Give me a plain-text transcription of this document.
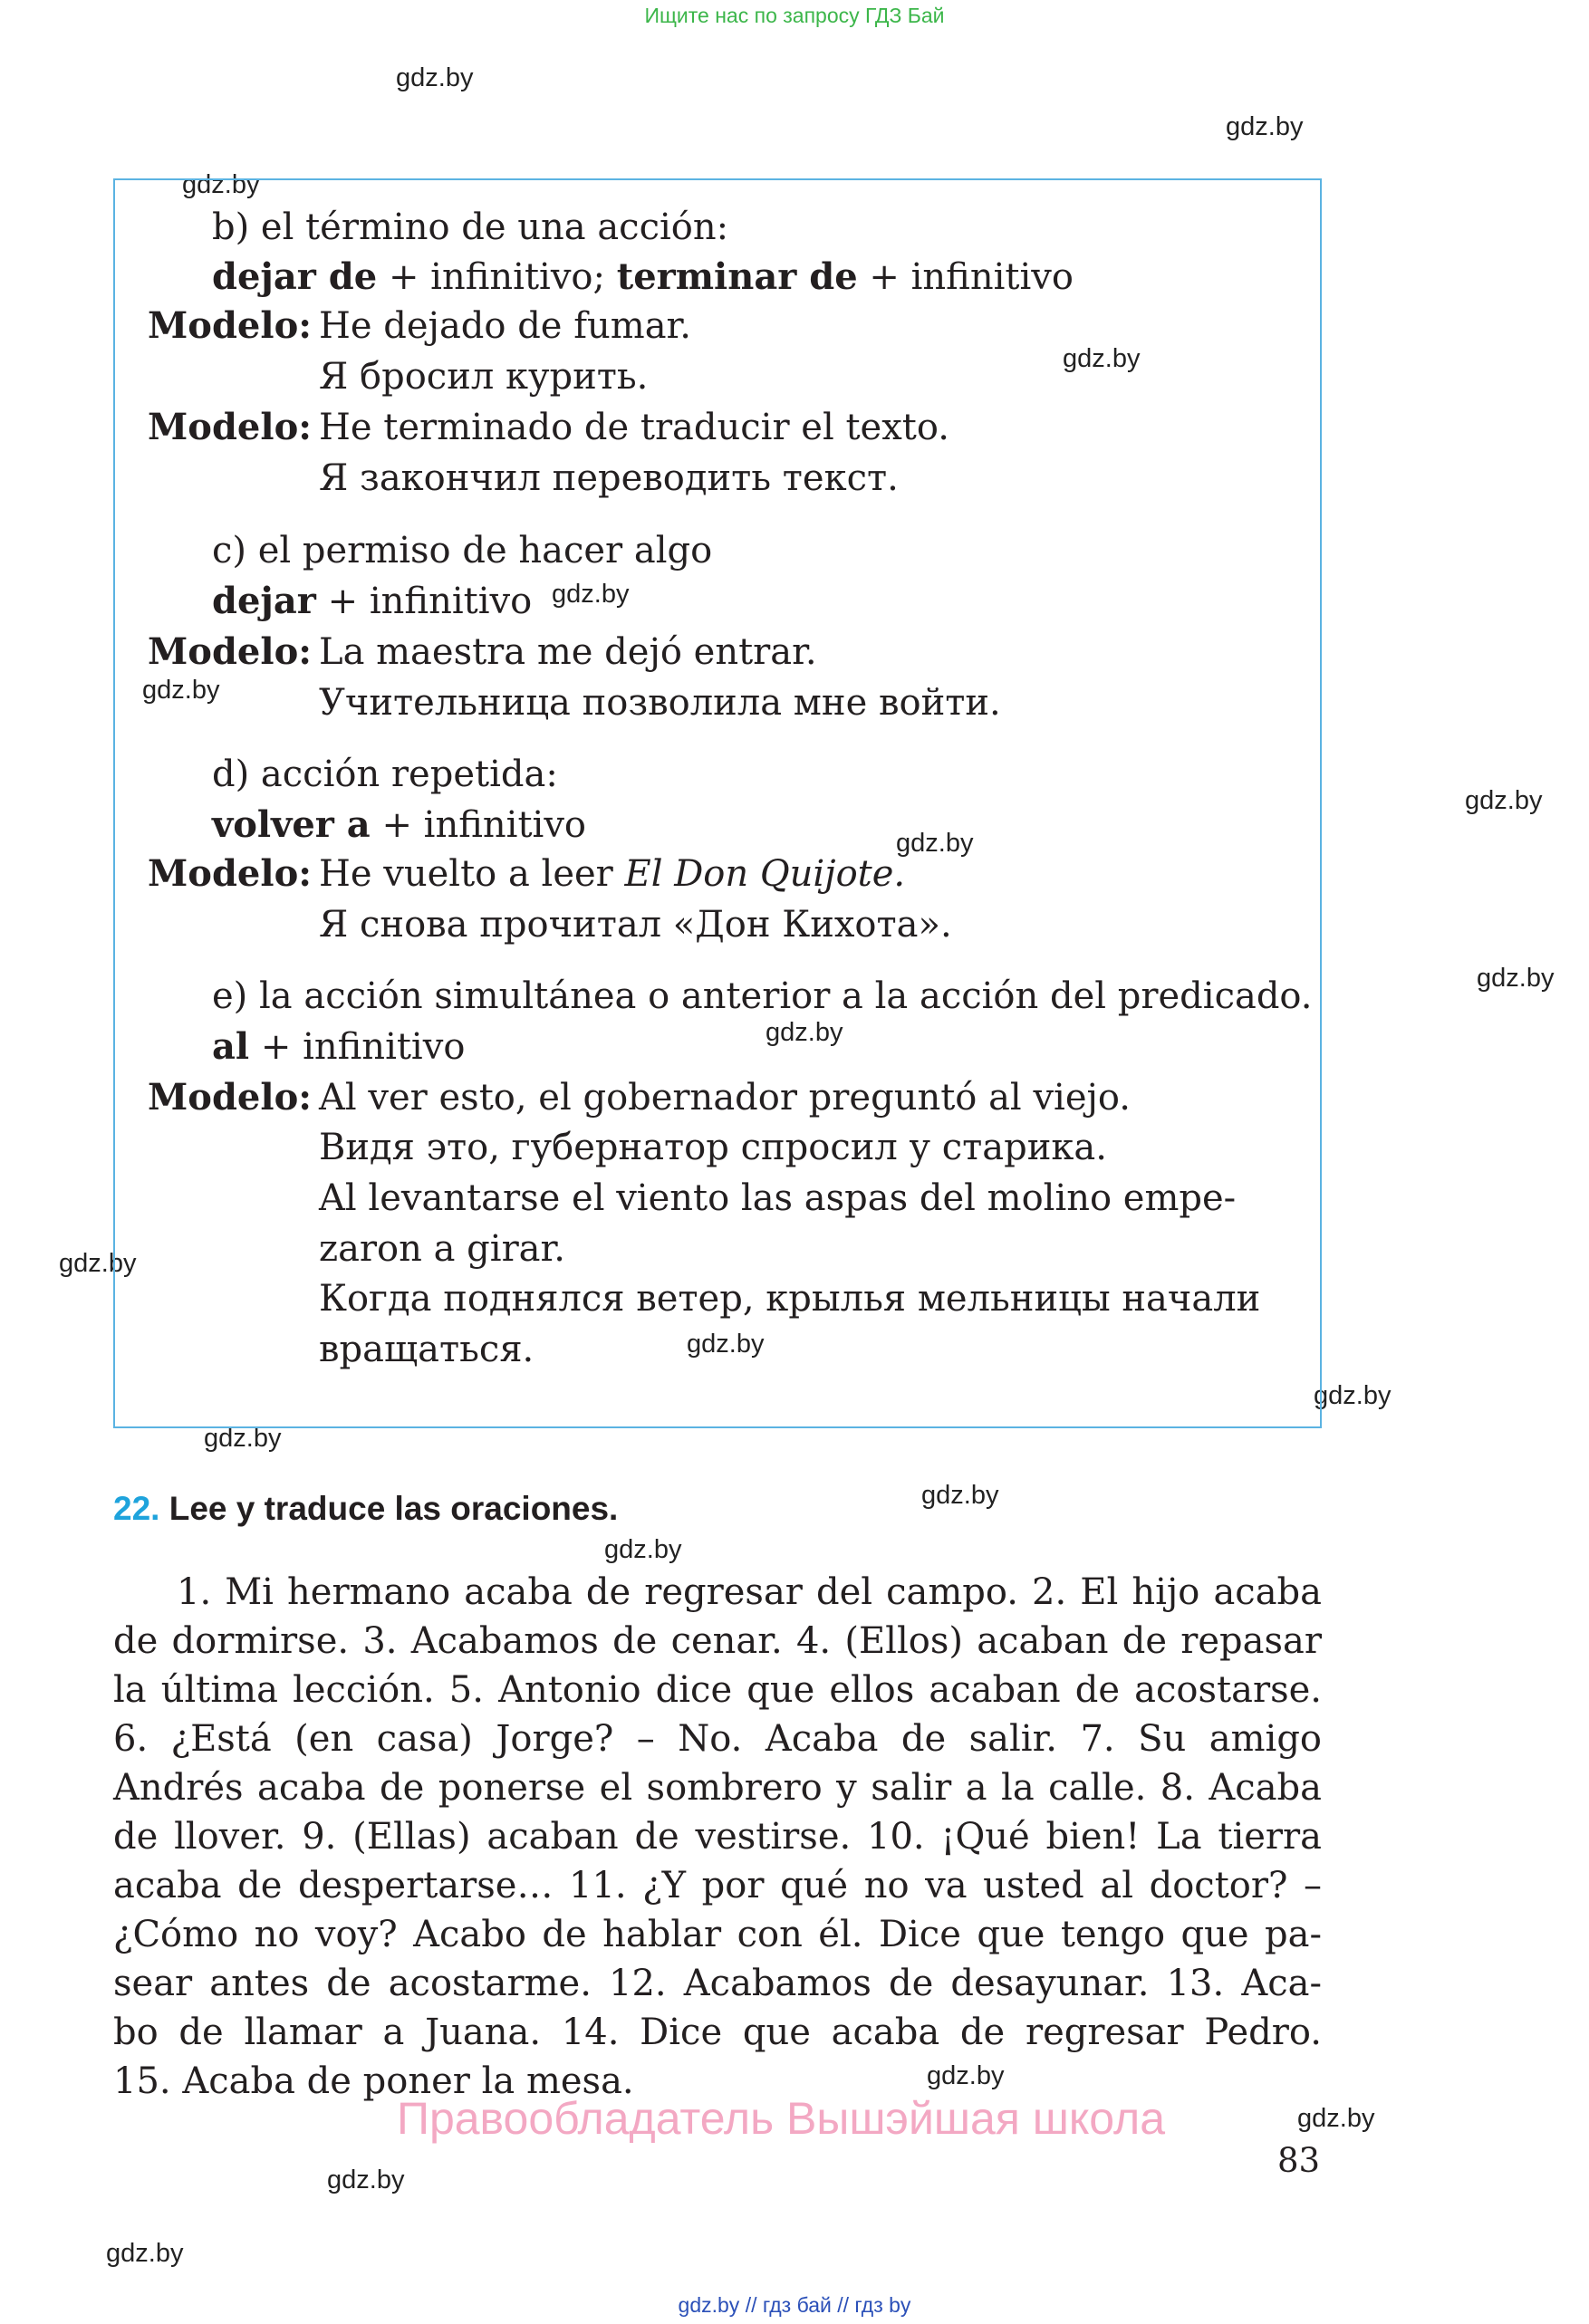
Ищите нас по запросу ГДЗ Бай
gdz.by // гдз бай // гдз by
gdz.by
gdz.by
gdz.by
gdz.by
gdz.by
gdz.by
gdz.by
gdz.by
gdz.by
gdz.by
gdz.by
gdz.by
gdz.by
gdz.by
gdz.by
gdz.by
gdz.by
gdz.by
gdz.by
gdz.by
b) el término de una acción:
dejar de + infinitivo; terminar de + infinitivo
Modelo: He dejado de fumar.
Я бросил курить.
Modelo: He terminado de traducir el texto.
Я закончил переводить текст.
c) el permiso de hacer algo
dejar + infinitivo
Modelo: La maestra me dejó entrar.
Учительница позволила мне войти.
d) acción repetida:
volver a + infinitivo
Modelo: He vuelto a leer El Don Quijote.
Я снова прочитал «Дон Кихота».
e) la acción simultánea o anterior a la acción del predicado.
al + infinitivo
Modelo: Al ver esto, el gobernador preguntó al viejo.
Видя это, губернатор спросил у старика.
Al levantarse el viento las aspas del molino empe-
zaron a girar.
Когда поднялся ветер, крылья мельницы начали
вращаться.
22. Lee y traduce las oraciones.
1. Mi hermano acaba de regresar del campo. 2. El hijo acaba
de dormirse. 3. Acabamos de cenar. 4. (Ellos) acaban de repasar
la última lección. 5. Antonio dice que ellos acaban de acostarse.
6. ¿Está (en casa) Jorge? – No. Acaba de salir. 7. Su amigo
Andrés acaba de ponerse el sombrero y salir a la calle. 8. Acaba
de llover. 9. (Ellas) acaban de vestirse. 10. ¡Qué bien! La tierra
acaba de despertarse… 11. ¿Y por qué no va usted al doctor? –
¿Cómo no voy? Acabo de hablar con él. Dice que tengo que pa-
sear antes de acostarme. 12. Acabamos de desayunar. 13. Aca-
bo de llamar a Juana. 14. Dice que acaba de regresar Pedro.
15. Acaba de poner la mesa.
Правообладатель Вышэйшая школа
83
